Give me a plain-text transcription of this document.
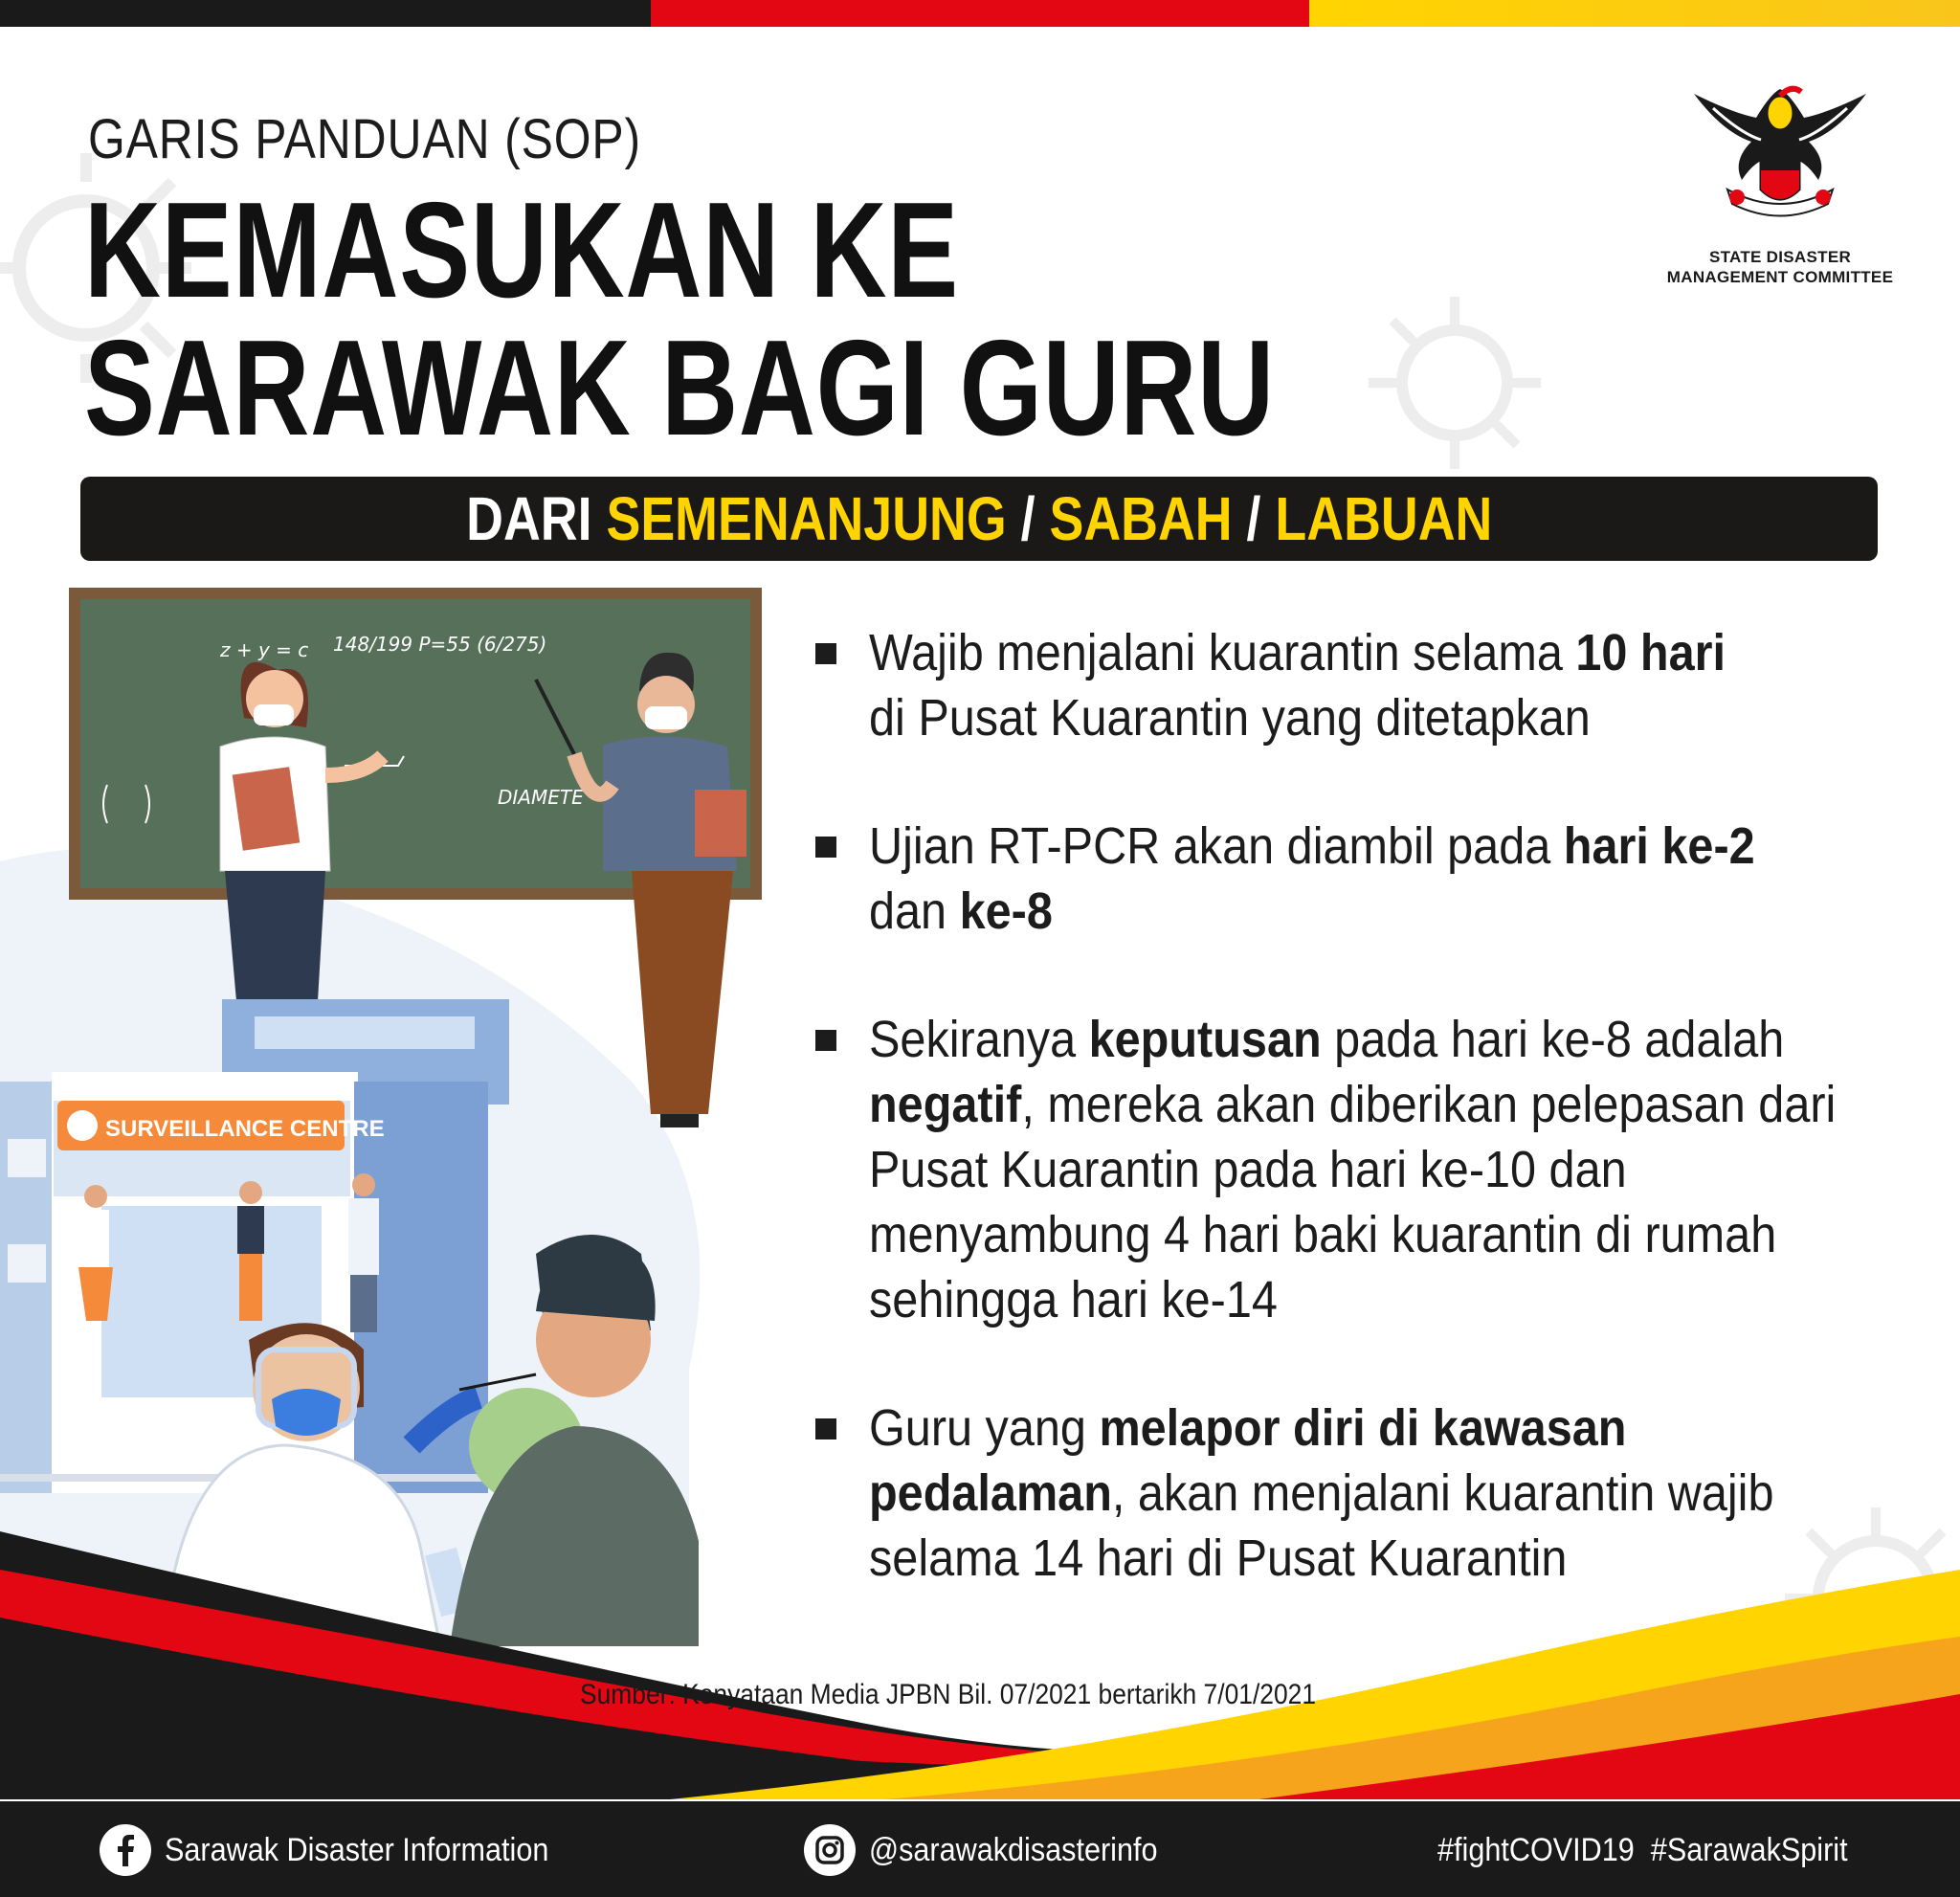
GARIS PANDUAN (SOP)
KEMASUKAN KE
SARAWAK BAGI GURU
STATE DISASTER
MANAGEMENT COMMITTEE
DARI SEMENANJUNG / SABAH / LABUAN
z + y = c 148/199 P=55 (6/275)
DIAMETE
SURVEILLANCE CENTRE
Wajib menjalani kuarantin selama 10 hari
di Pusat Kuarantin yang ditetapkan
Ujian RT-PCR akan diambil pada hari ke-2
dan ke-8
Sekiranya keputusan pada hari ke-8 adalah negatif, mereka akan diberikan pelepasan dari Pusat Kuarantin pada hari ke-10 dan menyambung 4 hari baki kuarantin di rumah sehingga hari ke-14
Guru yang melapor diri di kawasan pedalaman, akan menjalani kuarantin wajib selama 14 hari di Pusat Kuarantin
Sumber: Kenyataan Media JPBN Bil. 07/2021 bertarikh 7/01/2021
Sarawak Disaster Information	@sarawakdisasterinfo	#fightCOVID19  #SarawakSpirit
